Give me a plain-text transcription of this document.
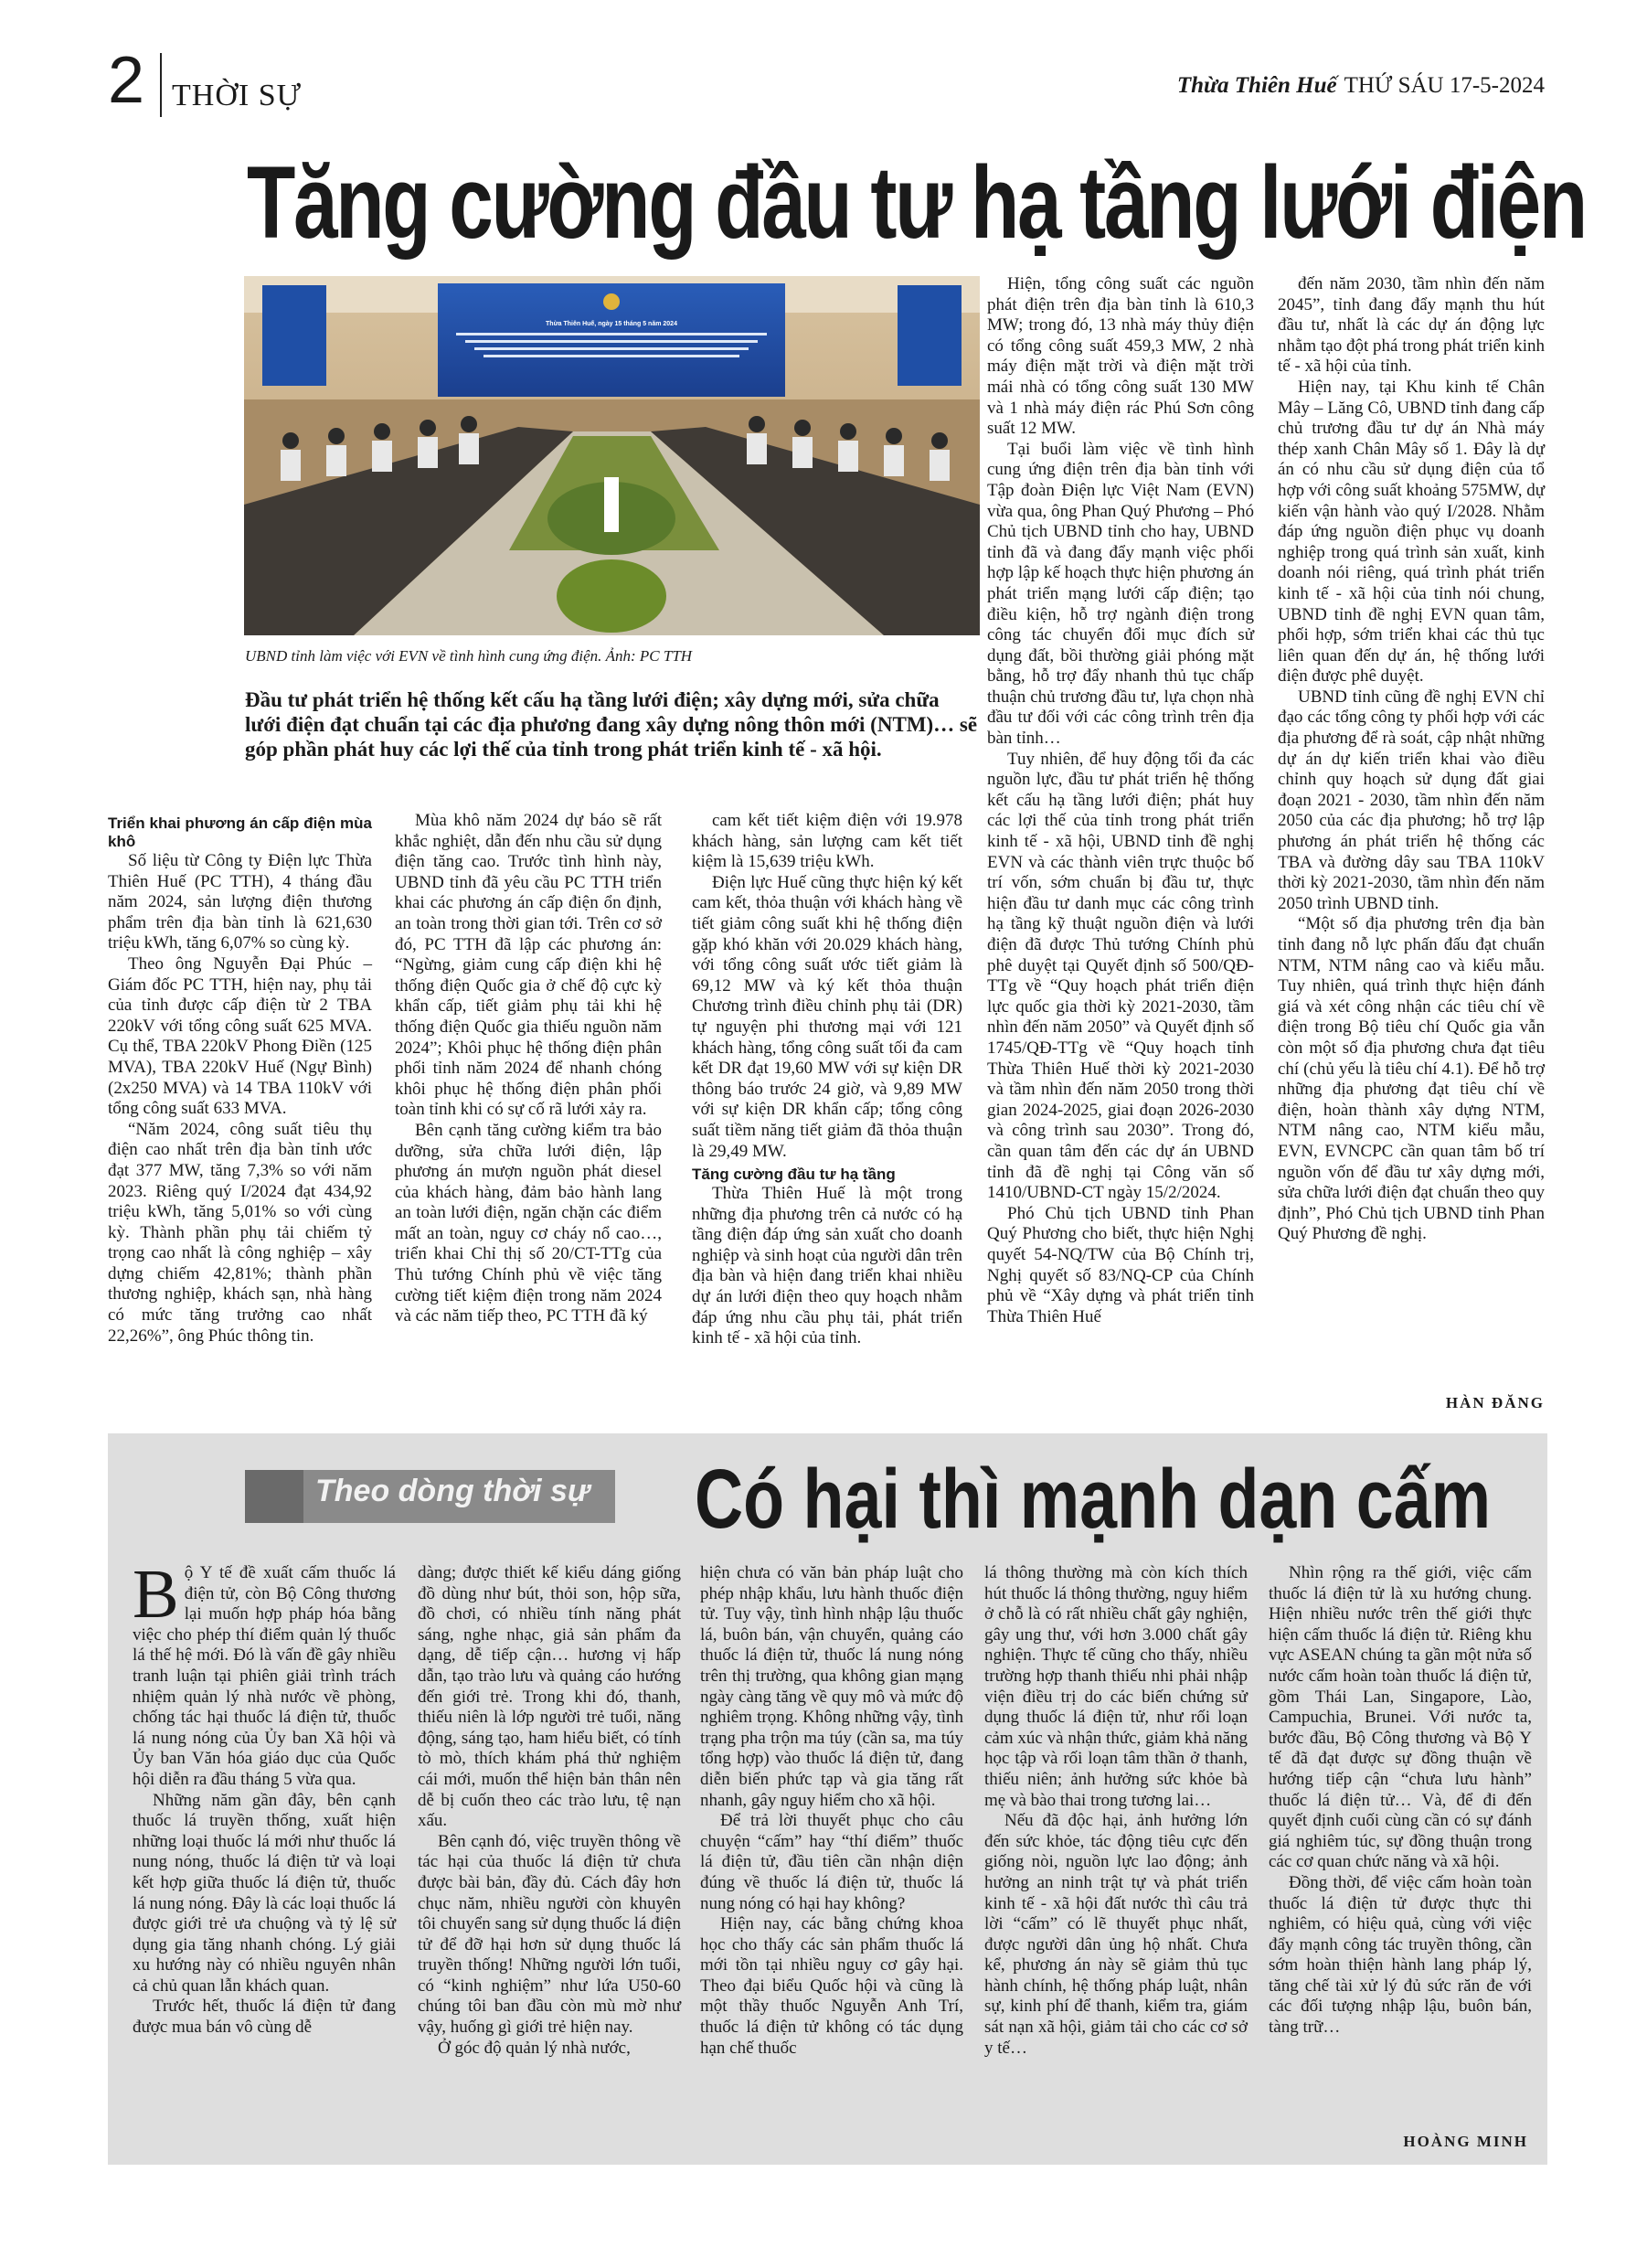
2 THỜI SỰ	Thừa Thiên Huế THỨ SÁU 17-5-2024
Tăng cường đầu tư hạ tầng lưới điện
Thừa Thiên Huế, ngày 15 tháng 5 năm 2024
UBND tỉnh làm việc với EVN về tình hình cung ứng điện. Ảnh: PC TTH
Đầu tư phát triển hệ thống kết cấu hạ tầng lưới điện; xây dựng mới, sửa chữa lưới điện đạt chuẩn tại các địa phương đang xây dựng nông thôn mới (NTM)… sẽ góp phần phát huy các lợi thế của tỉnh trong phát triển kinh tế - xã hội.

Triển khai phương án cấp điện mùa khô

Số liệu từ Công ty Điện lực Thừa Thiên Huế (PC TTH), 4 tháng đầu năm 2024, sản lượng điện thương phẩm trên địa bàn tỉnh là 621,630 triệu kWh, tăng 6,07% so cùng kỳ.

Theo ông Nguyễn Đại Phúc – Giám đốc PC TTH, hiện nay, phụ tải của tỉnh được cấp điện từ 2 TBA 220kV với tổng công suất 625 MVA. Cụ thể, TBA 220kV Phong Điền (125 MVA), TBA 220kV Huế (Ngự Bình) (2x250 MVA) và 14 TBA 110kV với tổng công suất 633 MVA.

“Năm 2024, công suất tiêu thụ điện cao nhất trên địa bàn tỉnh ước đạt 377 MW, tăng 7,3% so với năm 2023. Riêng quý I/2024 đạt 434,92 triệu kWh, tăng 5,01% so với cùng kỳ. Thành phần phụ tải chiếm tỷ trọng cao nhất là công nghiệp – xây dựng chiếm 42,81%; thành phần thương nghiệp, khách sạn, nhà hàng có mức tăng trưởng cao nhất 22,26%”, ông Phúc thông tin.

Mùa khô năm 2024 dự báo sẽ rất khắc nghiệt, dẫn đến nhu cầu sử dụng điện tăng cao. Trước tình hình này, UBND tỉnh đã yêu cầu PC TTH triển khai các phương án cấp điện ổn định, an toàn trong thời gian tới. Trên cơ sở đó, PC TTH đã lập các phương án: “Ngừng, giảm cung cấp điện khi hệ thống điện Quốc gia ở chế độ cực kỳ khẩn cấp, tiết giảm phụ tải khi hệ thống điện Quốc gia thiếu nguồn năm 2024”; Khôi phục hệ thống điện phân phối tỉnh năm 2024 để nhanh chóng khôi phục hệ thống điện phân phối toàn tỉnh khi có sự cố rã lưới xảy ra.

Bên cạnh tăng cường kiểm tra bảo dưỡng, sửa chữa lưới điện, lập phương án mượn nguồn phát diesel của khách hàng, đảm bảo hành lang an toàn lưới điện, ngăn chặn các điểm mất an toàn, nguy cơ cháy nổ cao…, triển khai Chỉ thị số 20/CT-TTg của Thủ tướng Chính phủ về việc tăng cường tiết kiệm điện trong năm 2024 và các năm tiếp theo, PC TTH đã ký

cam kết tiết kiệm điện với 19.978 khách hàng, sản lượng cam kết tiết kiệm là 15,639 triệu kWh.

Điện lực Huế cũng thực hiện ký kết cam kết, thỏa thuận với khách hàng về tiết giảm công suất khi hệ thống điện gặp khó khăn với 20.029 khách hàng, với tổng công suất ước tiết giảm là 69,12 MW và ký kết thỏa thuận Chương trình điều chỉnh phụ tải (DR) tự nguyện phi thương mại với 121 khách hàng, tổng công suất tối đa cam kết DR đạt 19,60 MW với sự kiện DR thông báo trước 24 giờ, và 9,89 MW với sự kiện DR khẩn cấp; tổng công suất tiềm năng tiết giảm đã thỏa thuận là 29,49 MW.

Tăng cường đầu tư hạ tầng

Thừa Thiên Huế là một trong những địa phương trên cả nước có hạ tầng điện đáp ứng sản xuất cho doanh nghiệp và sinh hoạt của người dân trên địa bàn và hiện đang triển khai nhiều dự án lưới điện theo quy hoạch nhằm đáp ứng nhu cầu phụ tải, phát triển kinh tế - xã hội của tỉnh.

Hiện, tổng công suất các nguồn phát điện trên địa bàn tỉnh là 610,3 MW; trong đó, 13 nhà máy thủy điện có tổng công suất 459,3 MW, 2 nhà máy điện mặt trời và điện mặt trời mái nhà có tổng công suất 130 MW và 1 nhà máy điện rác Phú Sơn công suất 12 MW.

Tại buổi làm việc về tình hình cung ứng điện trên địa bàn tỉnh với Tập đoàn Điện lực Việt Nam (EVN) vừa qua, ông Phan Quý Phương – Phó Chủ tịch UBND tỉnh cho hay, UBND tỉnh đã và đang đẩy mạnh việc phối hợp lập kế hoạch thực hiện phương án phát triển mạng lưới cấp điện; tạo điều kiện, hỗ trợ ngành điện trong công tác chuyển đổi mục đích sử dụng đất, bồi thường giải phóng mặt bằng, hỗ trợ đẩy nhanh thủ tục chấp thuận chủ trương đầu tư, lựa chọn nhà đầu tư đối với các công trình trên địa bàn tỉnh…

Tuy nhiên, để huy động tối đa các nguồn lực, đầu tư phát triển hệ thống kết cấu hạ tầng lưới điện; phát huy các lợi thế của tỉnh trong phát triển kinh tế - xã hội, UBND tỉnh đề nghị EVN và các thành viên trực thuộc bố trí vốn, sớm chuẩn bị đầu tư, thực hiện đầu tư danh mục các công trình hạ tầng kỹ thuật nguồn điện và lưới điện đã được Thủ tướng Chính phủ phê duyệt tại Quyết định số 500/QĐ-TTg về “Quy hoạch phát triển điện lực quốc gia thời kỳ 2021-2030, tầm nhìn đến năm 2050” và Quyết định số 1745/QĐ-TTg về “Quy hoạch tỉnh Thừa Thiên Huế thời kỳ 2021-2030 và tầm nhìn đến năm 2050 trong thời gian 2024-2025, giai đoạn 2026-2030 và công trình sau 2030”. Trong đó, cần quan tâm đến các dự án UBND tỉnh đã đề nghị tại Công văn số 1410/UBND-CT ngày 15/2/2024.

Phó Chủ tịch UBND tỉnh Phan Quý Phương cho biết, thực hiện Nghị quyết 54-NQ/TW của Bộ Chính trị, Nghị quyết số 83/NQ-CP của Chính phủ về “Xây dựng và phát triển tỉnh Thừa Thiên Huế

đến năm 2030, tầm nhìn đến năm 2045”, tỉnh đang đẩy mạnh thu hút đầu tư, nhất là các dự án động lực nhằm tạo đột phá trong phát triển kinh tế - xã hội của tỉnh.

Hiện nay, tại Khu kinh tế Chân Mây – Lăng Cô, UBND tỉnh đang cấp chủ trương đầu tư dự án Nhà máy thép xanh Chân Mây số 1. Đây là dự án có nhu cầu sử dụng điện của tổ hợp với công suất khoảng 575MW, dự kiến vận hành vào quý I/2028. Nhằm đáp ứng nguồn điện phục vụ doanh nghiệp trong quá trình sản xuất, kinh doanh nói riêng, quá trình phát triển kinh tế - xã hội của tỉnh nói chung, UBND tỉnh đề nghị EVN quan tâm, phối hợp, sớm triển khai các thủ tục liên quan đến dự án, hệ thống lưới điện được phê duyệt.

UBND tỉnh cũng đề nghị EVN chỉ đạo các tổng công ty phối hợp với các địa phương để rà soát, cập nhật những dự án dự kiến triển khai vào điều chỉnh quy hoạch sử dụng đất giai đoạn 2021 - 2030, tầm nhìn đến năm 2050 của các địa phương; hỗ trợ lập phương án phát triển hệ thống các TBA và đường dây sau TBA 110kV thời kỳ 2021-2030, tầm nhìn đến năm 2050 trình UBND tỉnh.

“Một số địa phương trên địa bàn tỉnh đang nỗ lực phấn đấu đạt chuẩn NTM, NTM nâng cao và kiểu mẫu. Tuy nhiên, quá trình thực hiện đánh giá và xét công nhận các tiêu chí về điện trong Bộ tiêu chí Quốc gia vẫn còn một số địa phương chưa đạt tiêu chí (chủ yếu là tiêu chí 4.1). Để hỗ trợ những địa phương đạt tiêu chí về điện, hoàn thành xây dựng NTM, NTM nâng cao, NTM kiểu mẫu, EVN, EVNCPC cần quan tâm bố trí nguồn vốn để đầu tư xây dựng mới, sửa chữa lưới điện đạt chuẩn theo quy định”, Phó Chủ tịch UBND tỉnh Phan Quý Phương đề nghị.

HÀN ĐĂNG
Theo dòng thời sự Có hại thì mạnh dạn cấm

Bộ Y tế đề xuất cấm thuốc lá điện tử, còn Bộ Công thương lại muốn hợp pháp hóa bằng việc cho phép thí điểm quản lý thuốc lá thế hệ mới. Đó là vấn đề gây nhiều tranh luận tại phiên giải trình trách nhiệm quản lý nhà nước về phòng, chống tác hại thuốc lá điện tử, thuốc lá nung nóng của Ủy ban Xã hội và Ủy ban Văn hóa giáo dục của Quốc hội diễn ra đầu tháng 5 vừa qua.

Những năm gần đây, bên cạnh thuốc lá truyền thống, xuất hiện những loại thuốc lá mới như thuốc lá nung nóng, thuốc lá điện tử và loại kết hợp giữa thuốc lá điện tử, thuốc lá nung nóng. Đây là các loại thuốc lá được giới trẻ ưa chuộng và tỷ lệ sử dụng gia tăng nhanh chóng. Lý giải xu hướng này có nhiều nguyên nhân cả chủ quan lẫn khách quan.

Trước hết, thuốc lá điện tử đang được mua bán vô cùng dễ

dàng; được thiết kế kiểu dáng giống đồ dùng như bút, thỏi son, hộp sữa, đồ chơi, có nhiều tính năng phát sáng, nghe nhạc, giả sản phẩm đa dạng, dễ tiếp cận… hương vị hấp dẫn, tạo trào lưu và quảng cáo hướng đến giới trẻ. Trong khi đó, thanh, thiếu niên là lớp người trẻ tuổi, năng động, sáng tạo, ham hiểu biết, có tính tò mò, thích khám phá thử nghiệm cái mới, muốn thể hiện bản thân nên dễ bị cuốn theo các trào lưu, tệ nạn xấu.

Bên cạnh đó, việc truyền thông về tác hại của thuốc lá điện tử chưa được bài bản, đầy đủ. Cách đây hơn chục năm, nhiều người còn khuyên tôi chuyển sang sử dụng thuốc lá điện tử để đỡ hại hơn sử dụng thuốc lá truyền thống! Những người lớn tuổi, có “kinh nghiệm” như lứa U50-60 chúng tôi ban đầu còn mù mờ như vậy, huống gì giới trẻ hiện nay.

Ở góc độ quản lý nhà nước,

hiện chưa có văn bản pháp luật cho phép nhập khẩu, lưu hành thuốc điện tử. Tuy vậy, tình hình nhập lậu thuốc lá, buôn bán, vận chuyển, quảng cáo thuốc lá điện tử, thuốc lá nung nóng trên thị trường, qua không gian mạng ngày càng tăng về quy mô và mức độ nghiêm trọng. Không những vậy, tình trạng pha trộn ma túy (cần sa, ma túy tổng hợp) vào thuốc lá điện tử, đang diễn biến phức tạp và gia tăng rất nhanh, gây nguy hiểm cho xã hội.

Để trả lời thuyết phục cho câu chuyện “cấm” hay “thí điểm” thuốc lá điện tử, đầu tiên cần nhận diện đúng về thuốc lá điện tử, thuốc lá nung nóng có hại hay không?

Hiện nay, các bằng chứng khoa học cho thấy các sản phẩm thuốc lá mới tồn tại nhiều nguy cơ gây hại. Theo đại biểu Quốc hội và cũng là một thầy thuốc Nguyễn Anh Trí, thuốc lá điện tử không có tác dụng hạn chế thuốc

lá thông thường mà còn kích thích hút thuốc lá thông thường, nguy hiểm ở chỗ là có rất nhiều chất gây nghiện, gây ung thư, với hơn 3.000 chất gây nghiện. Thực tế cũng cho thấy, nhiều trường hợp thanh thiếu nhi phải nhập viện điều trị do các biến chứng sử dụng thuốc lá điện tử, như rối loạn cảm xúc và nhận thức, giảm khả năng học tập và rối loạn tâm thần ở thanh, thiếu niên; ảnh hưởng sức khỏe bà mẹ và bào thai trong tương lai…

Nếu đã độc hại, ảnh hưởng lớn đến sức khỏe, tác động tiêu cực đến giống nòi, nguồn lực lao động; ảnh hưởng an ninh trật tự và phát triển kinh tế - xã hội đất nước thì câu trả lời “cấm” có lẽ thuyết phục nhất, được người dân ủng hộ nhất. Chưa kể, phương án này sẽ giảm thủ tục hành chính, hệ thống pháp luật, nhân sự, kinh phí để thanh, kiểm tra, giám sát nạn xã hội, giảm tải cho các cơ sở y tế…

Nhìn rộng ra thế giới, việc cấm thuốc lá điện tử là xu hướng chung. Hiện nhiều nước trên thế giới thực hiện cấm thuốc lá điện tử. Riêng khu vực ASEAN chúng ta gần một nửa số nước cấm hoàn toàn thuốc lá điện tử, gồm Thái Lan, Singapore, Lào, Campuchia, Brunei. Với nước ta, bước đầu, Bộ Công thương và Bộ Y tế đã đạt được sự đồng thuận về hướng tiếp cận “chưa lưu hành” thuốc lá điện tử… Và, để đi đến quyết định cuối cùng cần có sự đánh giá nghiêm túc, sự đồng thuận trong các cơ quan chức năng và xã hội.

Đồng thời, để việc cấm hoàn toàn thuốc lá điện tử được thực thi nghiêm, có hiệu quả, cùng với việc đẩy mạnh công tác truyền thông, cần sớm hoàn thiện hành lang pháp lý, tăng chế tài xử lý đủ sức răn đe với các đối tượng nhập lậu, buôn bán, tàng trữ…

HOÀNG MINH
